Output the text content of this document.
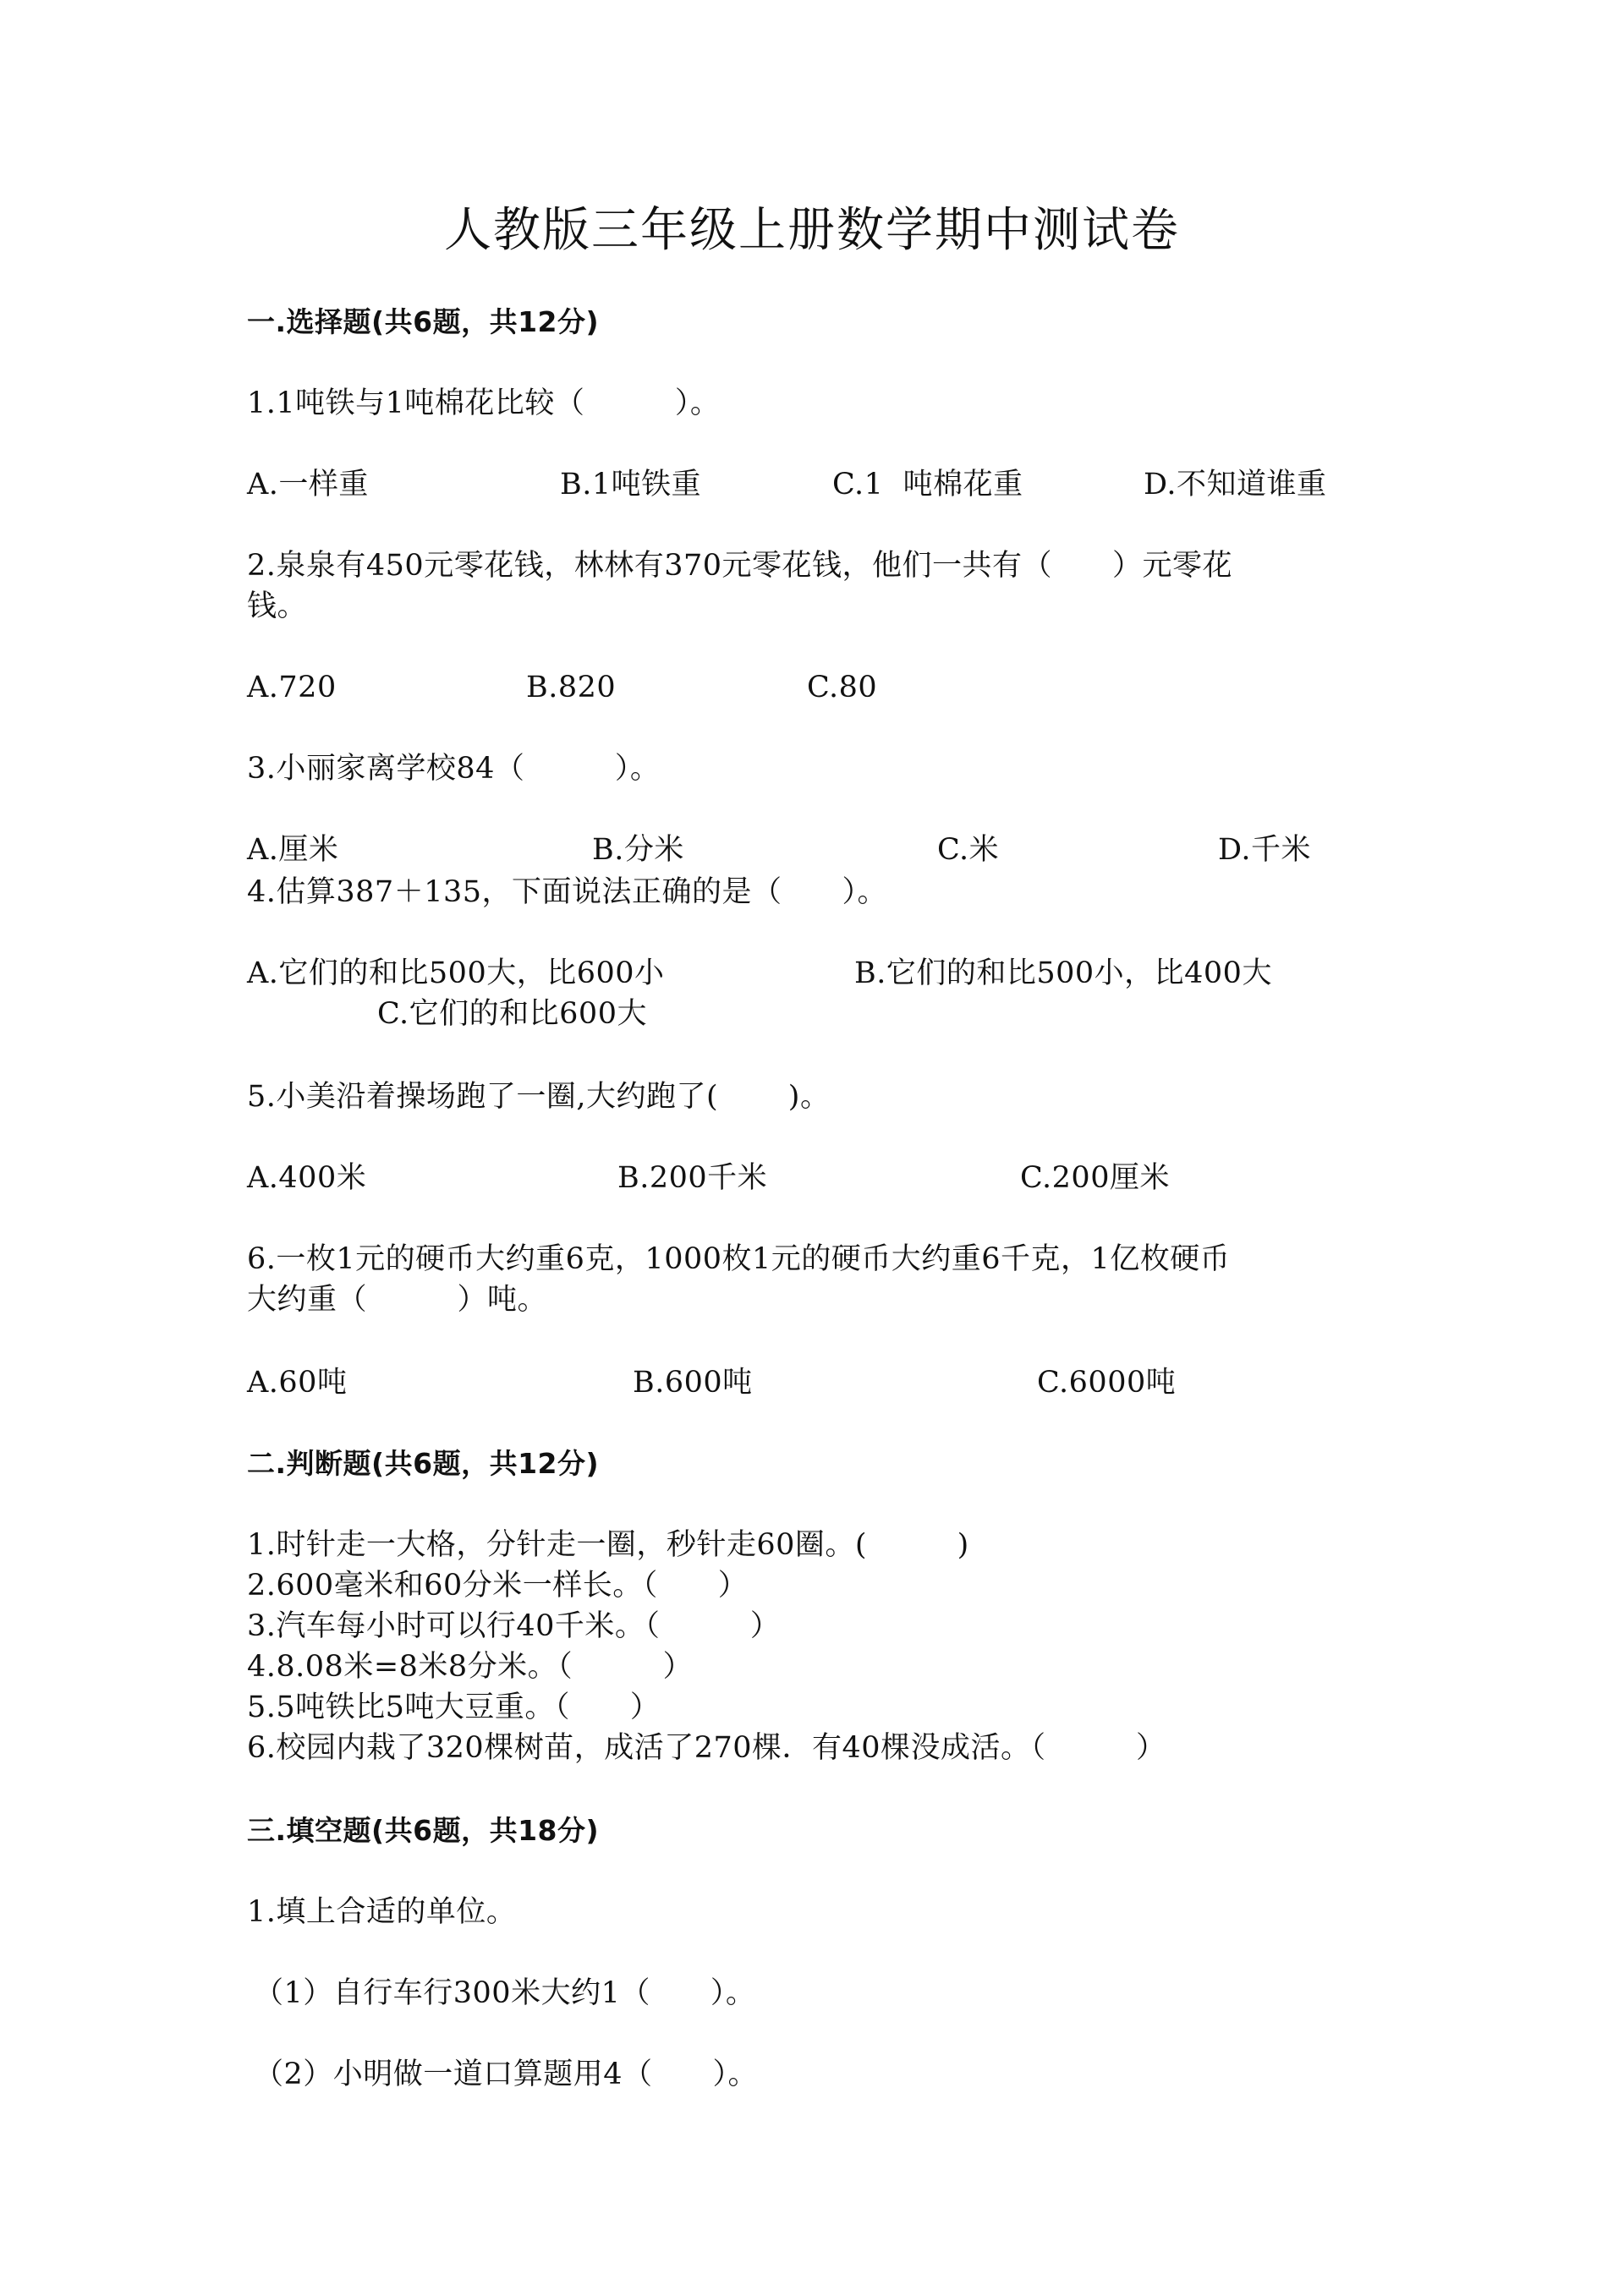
人教版三年级上册数学期中测试卷
一.选择题(共6题，共12分)
1.1吨铁与1吨棉花比较（　　　）。
A.一样重	B.1吨铁重	C.1  吨棉花重	D.不知道谁重
2.泉泉有450元零花钱，林林有370元零花钱，他们一共有（　　）元零花
钱。
A.720	B.820	C.80
3.小丽家离学校84（　　　）。
A.厘米	B.分米	C.米	D.千米
4.估算387＋135，下面说法正确的是（　　）。
A.它们的和比500大，比600小	B.它们的和比500小，比400大
C.它们的和比600大
5.小美沿着操场跑了一圈,大约跑了(　　 )。
A.400米	B.200千米	C.200厘米
6.一枚1元的硬币大约重6克，1000枚1元的硬币大约重6千克，1亿枚硬币
大约重（　　　）吨。
A.60吨	B.600吨	C.6000吨
二.判断题(共6题，共12分)
1.时针走一大格，分针走一圈，秒针走60圈。(　　　)
2.600毫米和60分米一样长。（　　）
3.汽车每小时可以行40千米。（　　　）
4.8.08米=8米8分米。（　　　）
5.5吨铁比5吨大豆重。（　　）
6.校园内栽了320棵树苗，成活了270棵．有40棵没成活。（　　　）
三.填空题(共6题，共18分)
1.填上合适的单位。
（1）自行车行300米大约1（　　）。
（2）小明做一道口算题用4（　　）。
